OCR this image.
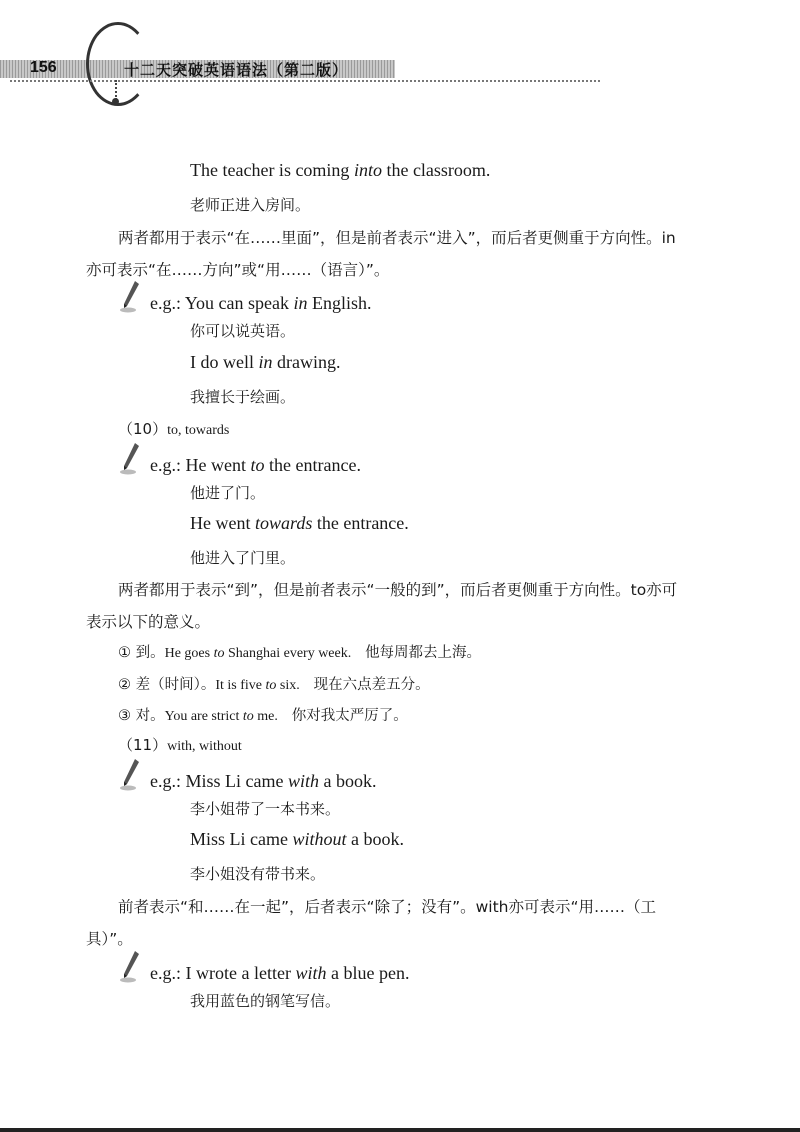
156	十二天突破英语语法（第二版）
The teacher is coming into the classroom.
老师正进入房间。
两者都用于表示“在……里面”，但是前者表示“进入”，而后者更侧重于方向性。in
亦可表示“在……方向”或“用……（语言）”。
e.g.: You can speak in English.
你可以说英语。
I do well in drawing.
我擅长于绘画。
（10）to, towards
e.g.: He went to the entrance.
他进了门。
He went towards the entrance.
他进入了门里。
两者都用于表示“到”，但是前者表示“一般的到”，而后者更侧重于方向性。to亦可
表示以下的意义。
① 到。He goes to Shanghai every week. 他每周都去上海。
② 差（时间）。It is five to six. 现在六点差五分。
③ 对。You are strict to me. 你对我太严厉了。
（11）with, without
e.g.: Miss Li came with a book.
李小姐带了一本书来。
Miss Li came without a book.
李小姐没有带书来。
前者表示“和……在一起”，后者表示“除了；没有”。with亦可表示“用……（工
具）”。
e.g.: I wrote a letter with a blue pen.
我用蓝色的钢笔写信。
